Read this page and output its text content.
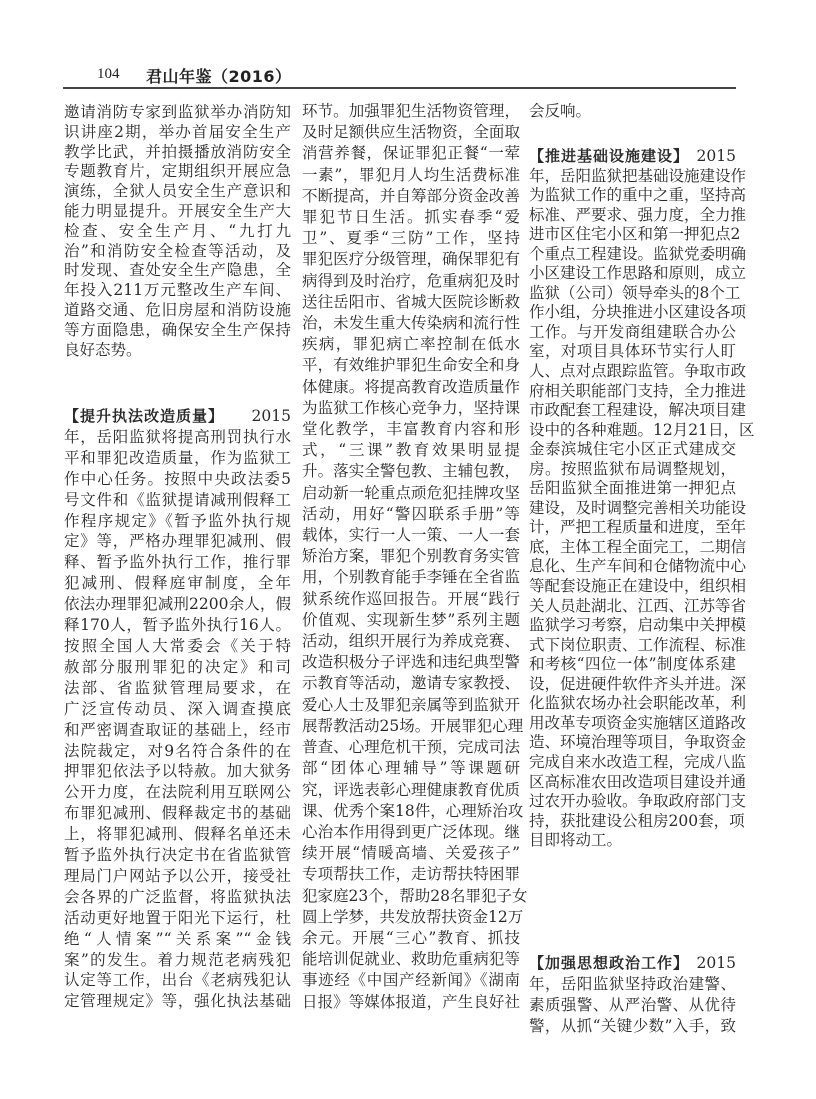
104 君山年鉴（2016）
邀请消防专家到监狱举办消防知
识讲座2期，举办首届安全生产
教学比武，并拍摄播放消防安全
专题教育片，定期组织开展应急
演练，全狱人员安全生产意识和
能力明显提升。开展安全生产大
检查、安全生产月、“九打九
治”和消防安全检查等活动，及
时发现、查处安全生产隐患，全
年投入211万元整改生产车间、
道路交通、危旧房屋和消防设施
等方面隐患，确保安全生产保持
良好态势。
【提升执法改造质量】 2015
年，岳阳监狱将提高刑罚执行水
平和罪犯改造质量，作为监狱工
作中心任务。按照中央政法委5
号文件和《监狱提请减刑假释工
作程序规定》《暂予监外执行规
定》等，严格办理罪犯减刑、假
释、暂予监外执行工作，推行罪
犯减刑、假释庭审制度，全年
依法办理罪犯减刑2200余人，假
释170人，暂予监外执行16人。
按照全国人大常委会《关于特
赦部分服刑罪犯的决定》和司
法部、省监狱管理局要求，在
广泛宣传动员、深入调查摸底
和严密调查取证的基础上，经市
法院裁定，对9名符合条件的在
押罪犯依法予以特赦。加大狱务
公开力度，在法院利用互联网公
布罪犯减刑、假释裁定书的基础
上，将罪犯减刑、假释名单还未
暂予监外执行决定书在省监狱管
理局门户网站予以公开，接受社
会各界的广泛监督，将监狱执法
活动更好地置于阳光下运行，杜
绝“人情案”“关系案”“金钱
案”的发生。着力规范老病残犯
认定等工作，出台《老病残犯认
定管理规定》等，强化执法基础
环节。加强罪犯生活物资管理，
及时足额供应生活物资，全面取
消营养餐，保证罪犯正餐“一荤
一素”，罪犯月人均生活费标准
不断提高，并自筹部分资金改善
罪犯节日生活。抓实春季“爱
卫”、夏季“三防”工作，坚持
罪犯医疗分级管理，确保罪犯有
病得到及时治疗，危重病犯及时
送往岳阳市、省城大医院诊断救
治，未发生重大传染病和流行性
疾病，罪犯病亡率控制在低水
平，有效维护罪犯生命安全和身
体健康。将提高教育改造质量作
为监狱工作核心竞争力，坚持课
堂化教学，丰富教育内容和形
式，“三课”教育效果明显提
升。落实全警包教、主辅包教，
启动新一轮重点顽危犯挂牌攻坚
活动，用好“警囚联系手册”等
载体，实行一人一策、一人一套
矫治方案，罪犯个别教育务实管
用，个别教育能手李锤在全省监
狱系统作巡回报告。开展“践行
价值观、实现新生梦”系列主题
活动，组织开展行为养成竞赛、
改造积极分子评选和违纪典型警
示教育等活动，邀请专家教授、
爱心人士及罪犯亲属等到监狱开
展帮教活动25场。开展罪犯心理
普查、心理危机干预，完成司法
部“团体心理辅导”等课题研
究，评选表彰心理健康教育优质
课、优秀个案18件，心理矫治攻
心治本作用得到更广泛体现。继
续开展“情暖高墙、关爱孩子”
专项帮扶工作，走访帮扶特困罪
犯家庭23个，帮助28名罪犯子女
圆上学梦，共发放帮扶资金12万
余元。开展“三心”教育、抓技
能培训促就业、救助危重病犯等
事迹经《中国产经新闻》《湖南
日报》等媒体报道，产生良好社
会反响。
【推进基础设施建设】 2015
年，岳阳监狱把基础设施建设作
为监狱工作的重中之重，坚持高
标准、严要求、强力度，全力推
进市区住宅小区和第一押犯点2
个重点工程建设。监狱党委明确
小区建设工作思路和原则，成立
监狱（公司）领导牵头的8个工
作小组，分块推进小区建设各项
工作。与开发商组建联合办公
室，对项目具体环节实行人盯
人、点对点跟踪监管。争取市政
府相关职能部门支持，全力推进
市政配套工程建设，解决项目建
设中的各种难题。12月21日，区
金泰滨城住宅小区正式建成交
房。按照监狱布局调整规划，
岳阳监狱全面推进第一押犯点
建设，及时调整完善相关功能设
计，严把工程质量和进度，至年
底，主体工程全面完工，二期信
息化、生产车间和仓储物流中心
等配套设施正在建设中，组织相
关人员赴湖北、江西、江苏等省
监狱学习考察，启动集中关押模
式下岗位职责、工作流程、标准
和考核“四位一体”制度体系建
设，促进硬件软件齐头并进。深
化监狱农场办社会职能改革，利
用改革专项资金实施辖区道路改
造、环境治理等项目，争取资金
完成自来水改造工程，完成八监
区高标准农田改造项目建设并通
过农开办验收。争取政府部门支
持，获批建设公租房200套，项
目即将动工。
【加强思想政治工作】 2015
年，岳阳监狱坚持政治建警、
素质强警、从严治警、从优待
警，从抓“关键少数”入手，致
